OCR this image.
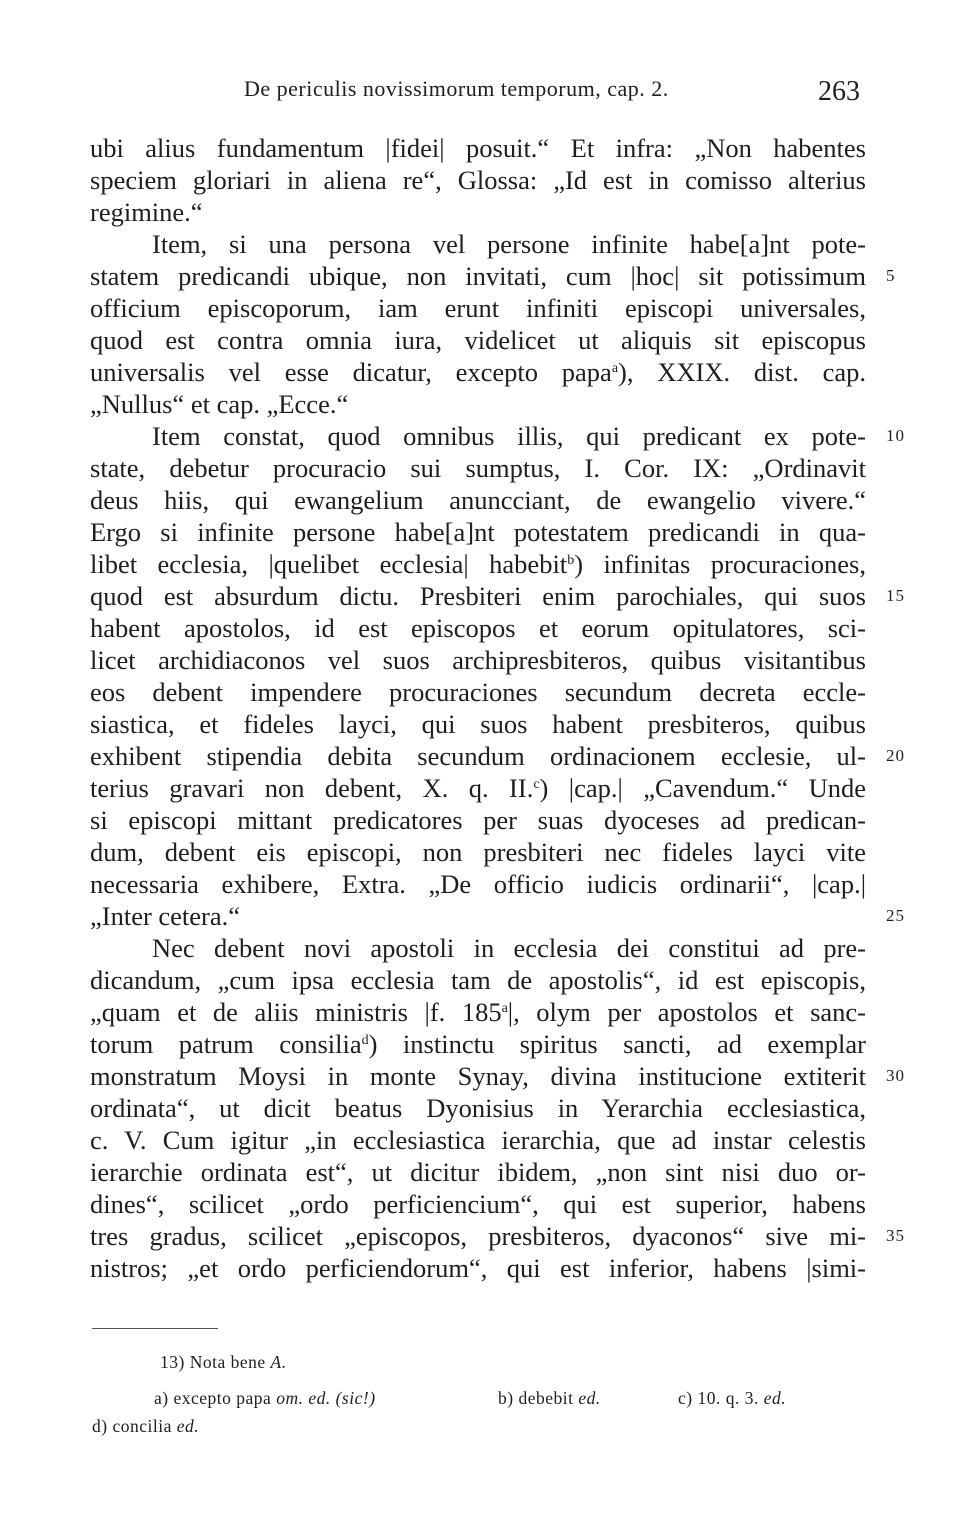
De periculis novissimorum temporum, cap. 2.	263
ubi alius fundamentum |fidei| posuit.“ Et infra: „Non habentes
speciem gloriari in aliena re“, Glossa: „Id est in comisso alterius
regimine.“
Item, si una persona vel persone infinite habe[a]nt pote-
statem predicandi ubique, non invitati, cum |hoc| sit potissimum 5
officium episcoporum, iam erunt infiniti episcopi universales,
quod est contra omnia iura, videlicet ut aliquis sit episcopus
universalis vel esse dicatur, excepto papa$^a$), XXIX. dist. cap.
„Nullus“ et cap. „Ecce.“
Item constat, quod omnibus illis, qui predicant ex pote- 10
state, debetur procuracio sui sumptus, I. Cor. IX: „Ordinavit
deus hiis, qui ewangelium anuncciant, de ewangelio vivere.“
Ergo si infinite persone habe[a]nt potestatem predicandi in qua-
libet ecclesia, |quelibet ecclesia| habebit$^b$) infinitas procuraciones,
quod est absurdum dictu. Presbiteri enim parochiales, qui suos 15
habent apostolos, id est episcopos et eorum opitulatores, sci-
licet archidiaconos vel suos archipresbiteros, quibus visitantibus
eos debent impendere procuraciones secundum decreta eccle-
siastica, et fideles layci, qui suos habent presbiteros, quibus
exhibent stipendia debita secundum ordinacionem ecclesie, ul- 20
terius gravari non debent, X. q. II.$^c$) |cap.| „Cavendum.“ Unde
si episcopi mittant predicatores per suas dyoceses ad predican-
dum, debent eis episcopi, non presbiteri nec fideles layci vite
necessaria exhibere, Extra. „De officio iudicis ordinarii“, |cap.|
„Inter cetera.“	25
Nec debent novi apostoli in ecclesia dei constitui ad pre-
dicandum, „cum ipsa ecclesia tam de apostolis“, id est episcopis,
„quam et de aliis ministris |f. 185$^a$|, olym per apostolos et sanc-
torum patrum consilia$^d$) instinctu spiritus sancti, ad exemplar
monstratum Moysi in monte Synay, divina institucione extiterit 30
ordinata“, ut dicit beatus Dyonisius in Yerarchia ecclesiastica,
c. V. Cum igitur „in ecclesiastica ierarchia, que ad instar celestis
ierarchie ordinata est“, ut dicitur ibidem, „non sint nisi duo or-
dines“, scilicet „ordo perficiencium“, qui est superior, habens
tres gradus, scilicet „episcopos, presbiteros, dyaconos“ sive mi- 35
nistros; „et ordo perficiendorum“, qui est inferior, habens |simi-
13) Nota bene A.
a) excepto papa om. ed. (sic!)	b) debebit ed.	c) 10. q. 3. ed.
d) concilia ed.
